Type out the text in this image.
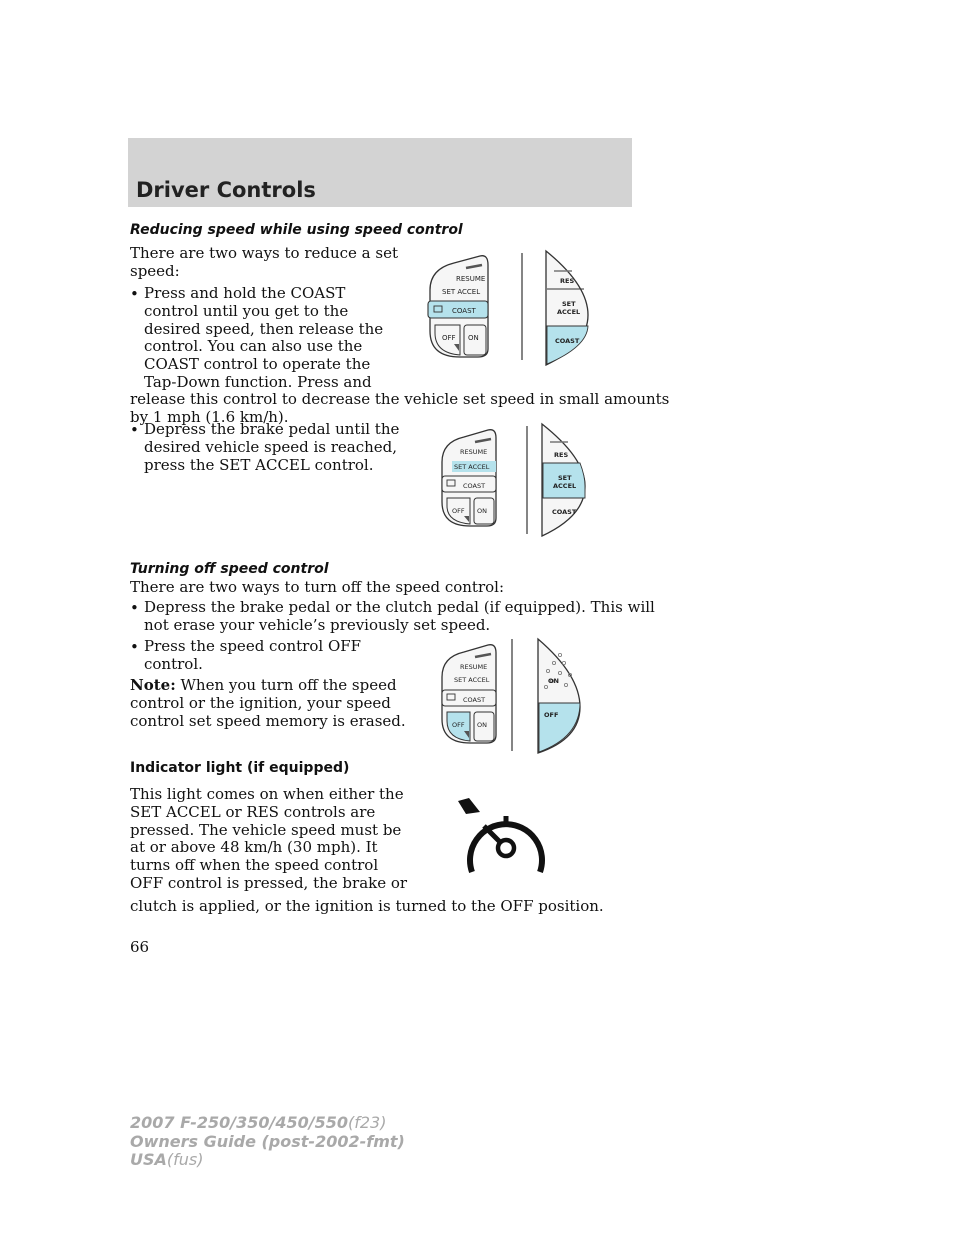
Driver Controls
Reducing speed while using speed control
There are two ways to reduce a set
speed:
• Press and hold the COAST
control until you get to the
desired speed, then release the
control. You can also use the
COAST control to operate the
Tap-Down function. Press and
release this control to decrease the vehicle set speed in small amounts
by 1 mph (1.6 km/h).
• Depress the brake pedal until the
desired vehicle speed is reached,
press the SET ACCEL control.
Turning off speed control
There are two ways to turn off the speed control:
• Depress the brake pedal or the clutch pedal (if equipped). This will
not erase your vehicle’s previously set speed.
• Press the speed control OFF
control.
Note: When you turn off the speed
control or the ignition, your speed
control set speed memory is erased.
Indicator light (if equipped)
This light comes on when either the
SET ACCEL or RES controls are
pressed. The vehicle speed must be
at or above 48 km/h (30 mph). It
turns off when the speed control
OFF control is pressed, the brake or
clutch is applied, or the ignition is turned to the OFF position.
RESUME
SET ACCEL
COAST
OFF ON
RES
SET
ACCEL
COAST
RESUME
SET ACCEL
COAST
OFF ON
RES
SET
ACCEL
COAST
RESUME
SET ACCEL
COAST
OFF ON
ON
OFF
66
2007 F-250/350/450/550(f23)
Owners Guide (post-2002-fmt)
USA(fus)
